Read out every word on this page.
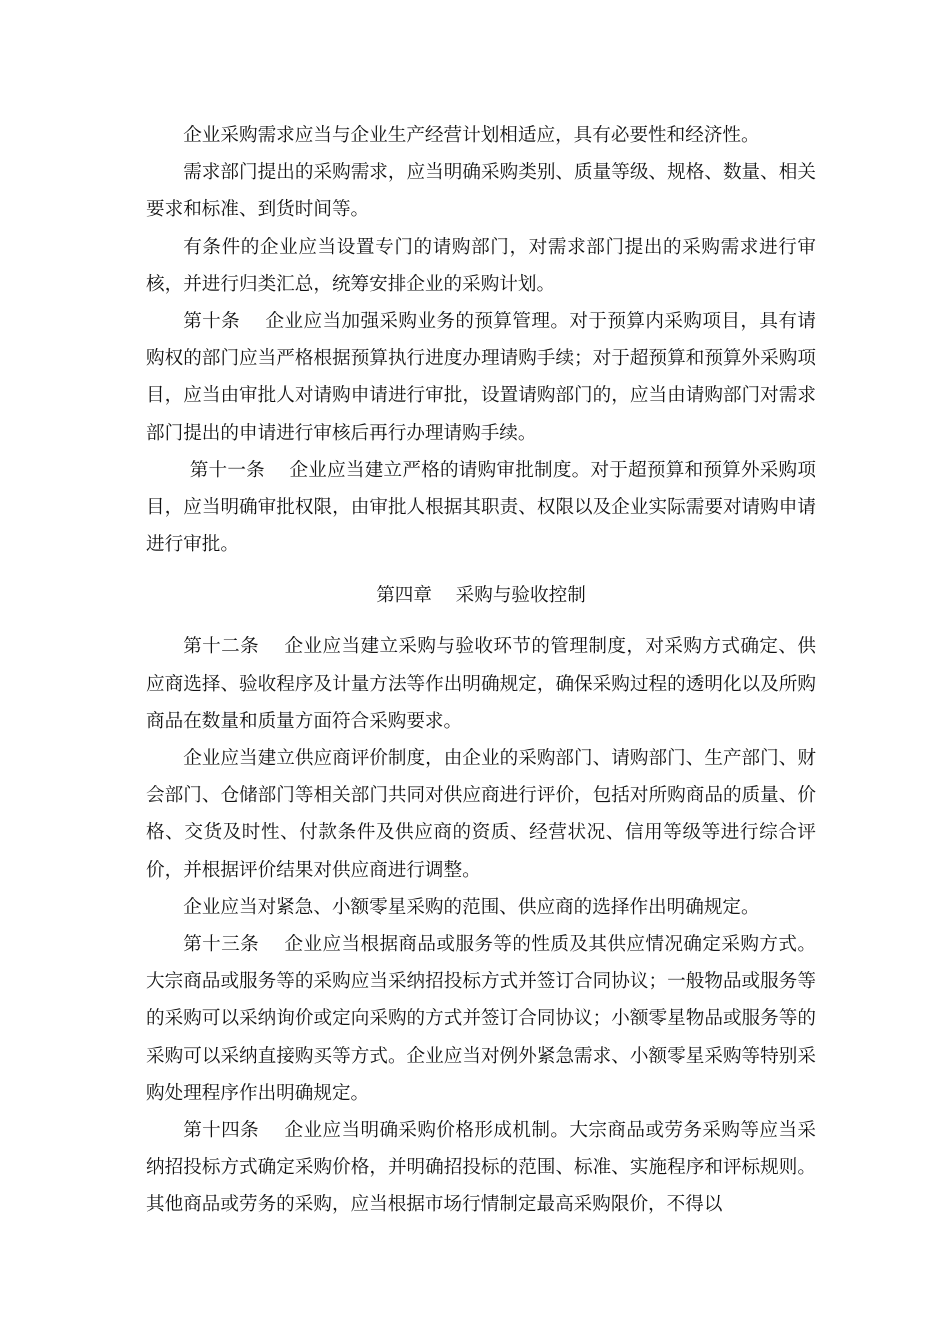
企业采购需求应当与企业生产经营计划相适应，具有必要性和经济性。

需求部门提出的采购需求，应当明确采购类别、质量等级、规格、数量、相关要求和标准、到货时间等。

有条件的企业应当设置专门的请购部门，对需求部门提出的采购需求进行审核，并进行归类汇总，统筹安排企业的采购计划。

第十条 企业应当加强采购业务的预算管理。对于预算内采购项目，具有请购权的部门应当严格根据预算执行进度办理请购手续；对于超预算和预算外采购项目，应当由审批人对请购申请进行审批，设置请购部门的，应当由请购部门对需求部门提出的申请进行审核后再行办理请购手续。

第十一条 企业应当建立严格的请购审批制度。对于超预算和预算外采购项目，应当明确审批权限，由审批人根据其职责、权限以及企业实际需要对请购申请进行审批。

第四章 采购与验收控制

第十二条 企业应当建立采购与验收环节的管理制度，对采购方式确定、供应商选择、验收程序及计量方法等作出明确规定，确保采购过程的透明化以及所购商品在数量和质量方面符合采购要求。

企业应当建立供应商评价制度，由企业的采购部门、请购部门、生产部门、财会部门、仓储部门等相关部门共同对供应商进行评价，包括对所购商品的质量、价格、交货及时性、付款条件及供应商的资质、经营状况、信用等级等进行综合评价，并根据评价结果对供应商进行调整。

企业应当对紧急、小额零星采购的范围、供应商的选择作出明确规定。

第十三条 企业应当根据商品或服务等的性质及其供应情况确定采购方式。大宗商品或服务等的采购应当采纳招投标方式并签订合同协议；一般物品或服务等的采购可以采纳询价或定向采购的方式并签订合同协议；小额零星物品或服务等的采购可以采纳直接购买等方式。企业应当对例外紧急需求、小额零星采购等特别采购处理程序作出明确规定。

第十四条 企业应当明确采购价格形成机制。大宗商品或劳务采购等应当采纳招投标方式确定采购价格，并明确招投标的范围、标准、实施程序和评标规则。其他商品或劳务的采购，应当根据市场行情制定最高采购限价，不得以
